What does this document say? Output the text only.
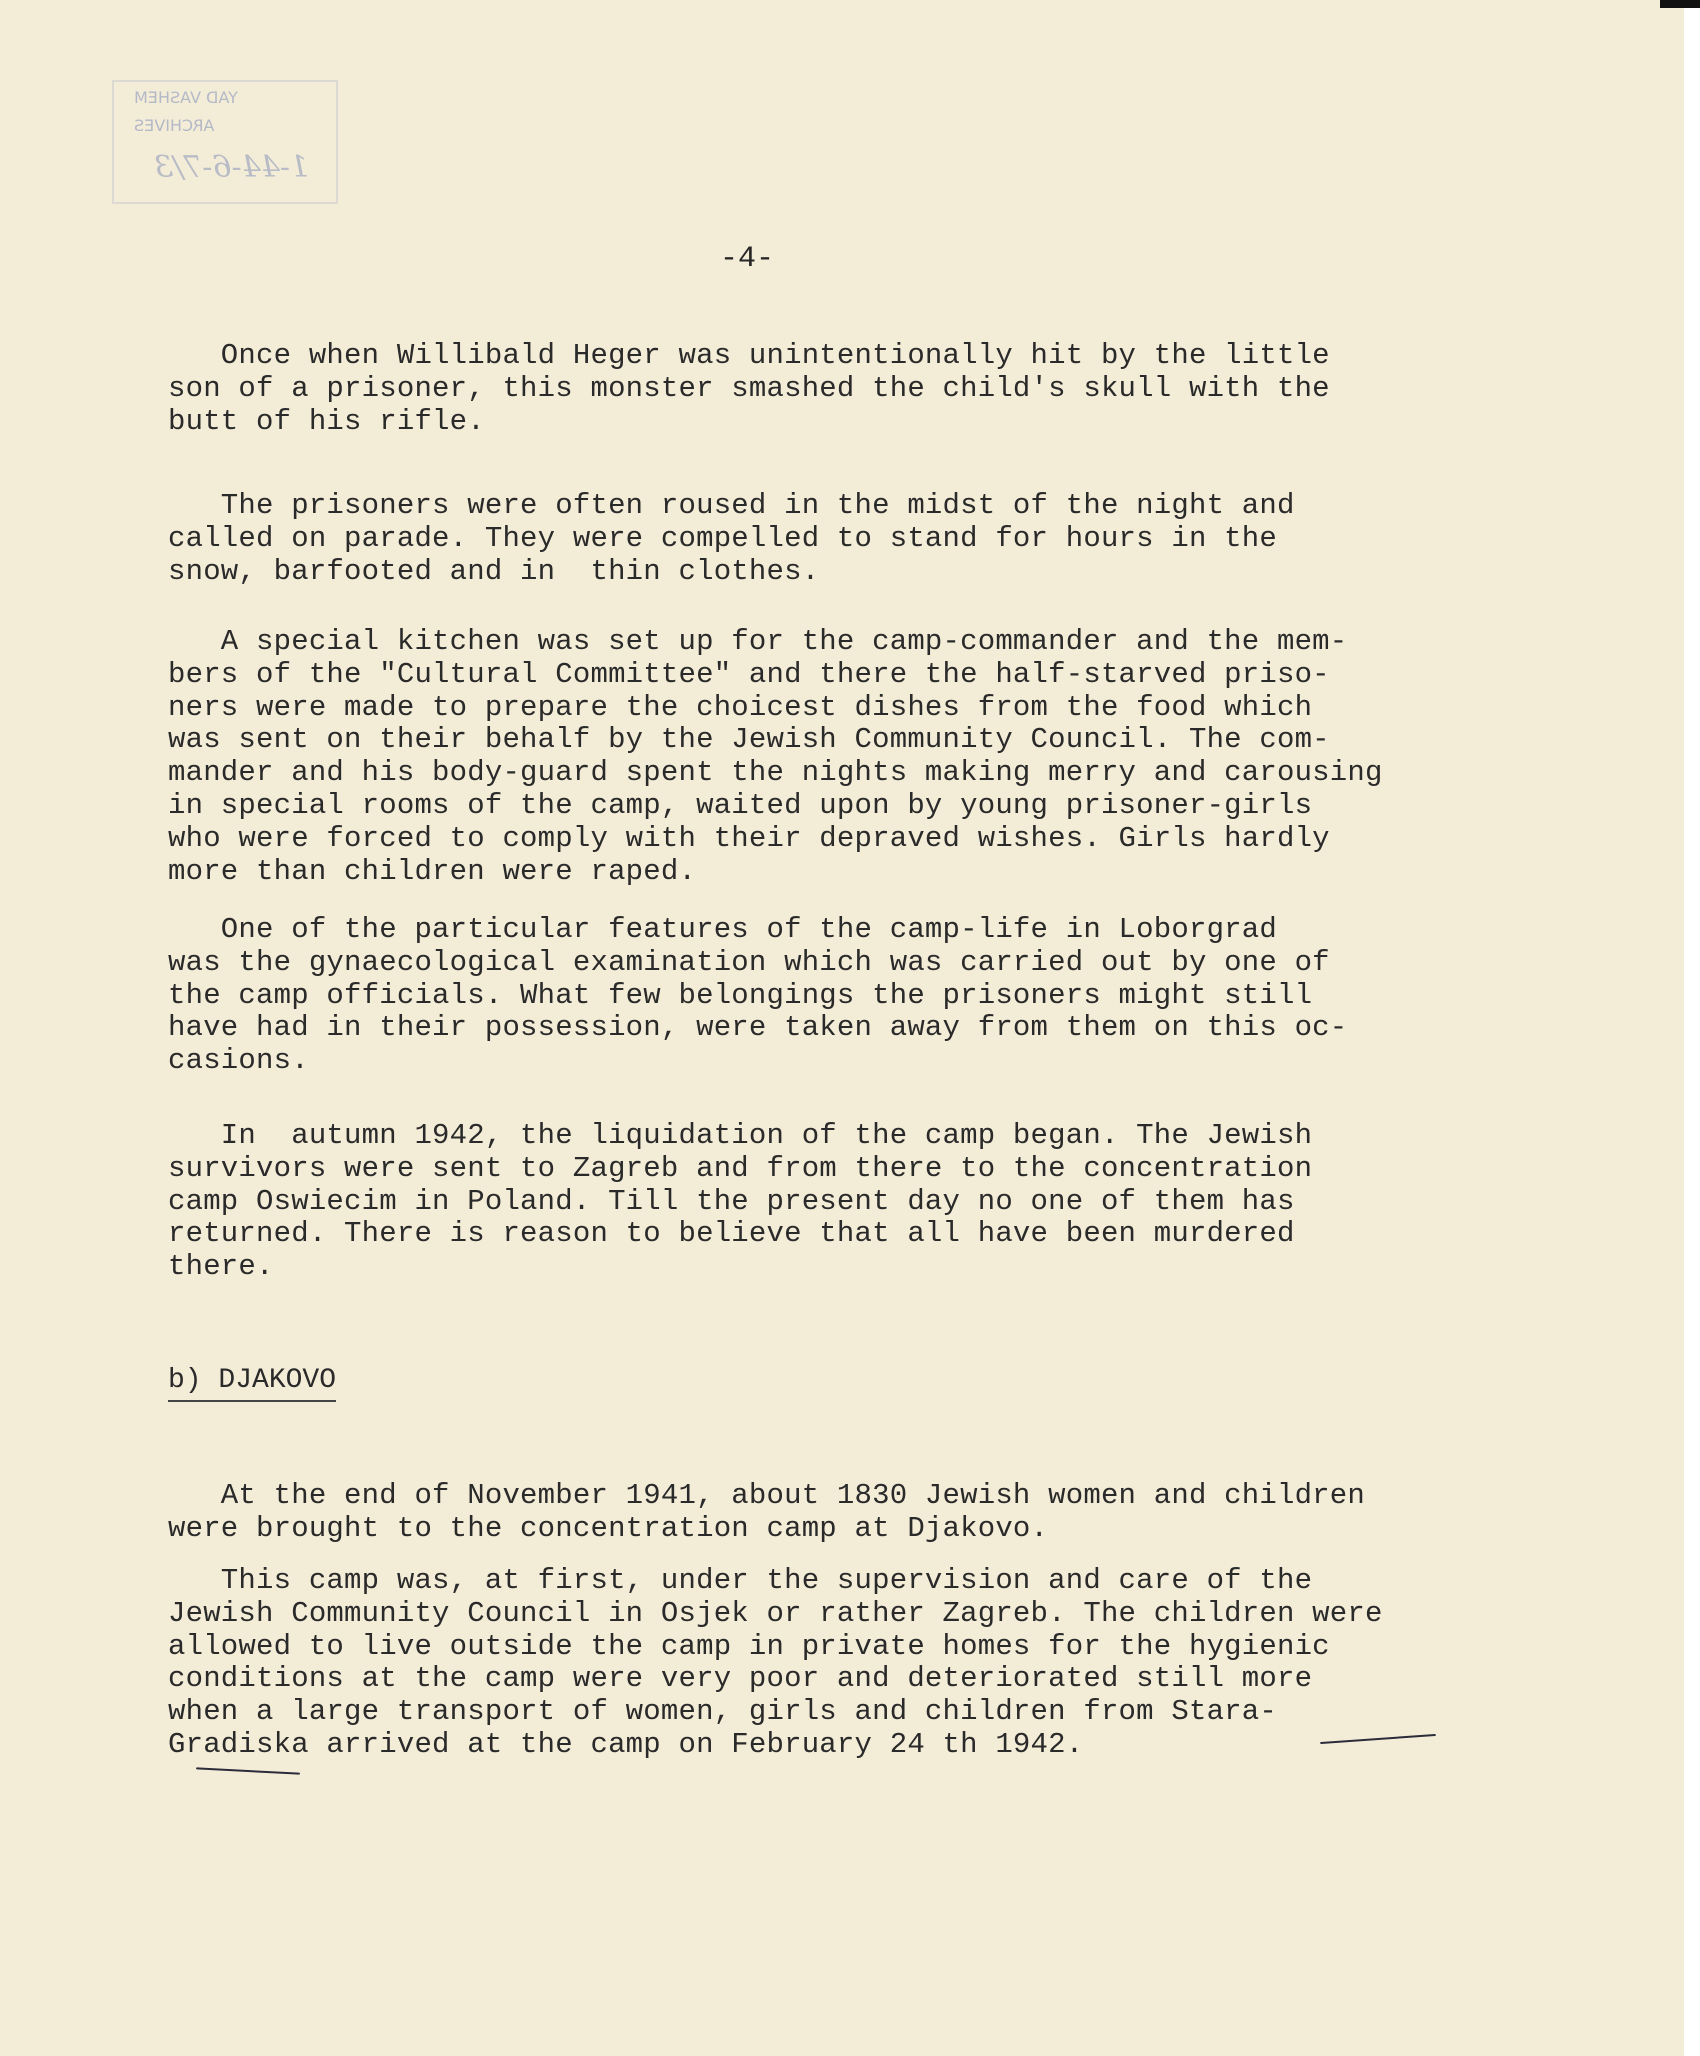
YAD VASHEM
ARCHIVES
1-44-6-7/3
-4-
Once when Willibald Heger was unintentionally hit by the little
son of a prisoner, this monster smashed the child's skull with the
butt of his rifle.
The prisoners were often roused in the midst of the night and
called on parade. They were compelled to stand for hours in the
snow, barfooted and in  thin clothes.
A special kitchen was set up for the camp-commander and the mem-
bers of the "Cultural Committee" and there the half-starved priso-
ners were made to prepare the choicest dishes from the food which
was sent on their behalf by the Jewish Community Council. The com-
mander and his body-guard spent the nights making merry and carousing
in special rooms of the camp, waited upon by young prisoner-girls
who were forced to comply with their depraved wishes. Girls hardly
more than children were raped.
One of the particular features of the camp-life in Loborgrad
was the gynaecological examination which was carried out by one of
the camp officials. What few belongings the prisoners might still
have had in their possession, were taken away from them on this oc-
casions.
In  autumn 1942, the liquidation of the camp began. The Jewish
survivors were sent to Zagreb and from there to the concentration
camp Oswiecim in Poland. Till the present day no one of them has
returned. There is reason to believe that all have been murdered
there.
b) DJAKOVO
At the end of November 1941, about 1830 Jewish women and children
were brought to the concentration camp at Djakovo.
This camp was, at first, under the supervision and care of the
Jewish Community Council in Osjek or rather Zagreb. The children were
allowed to live outside the camp in private homes for the hygienic
conditions at the camp were very poor and deteriorated still more
when a large transport of women, girls and children from Stara-
Gradiska arrived at the camp on February 24 th 1942.
